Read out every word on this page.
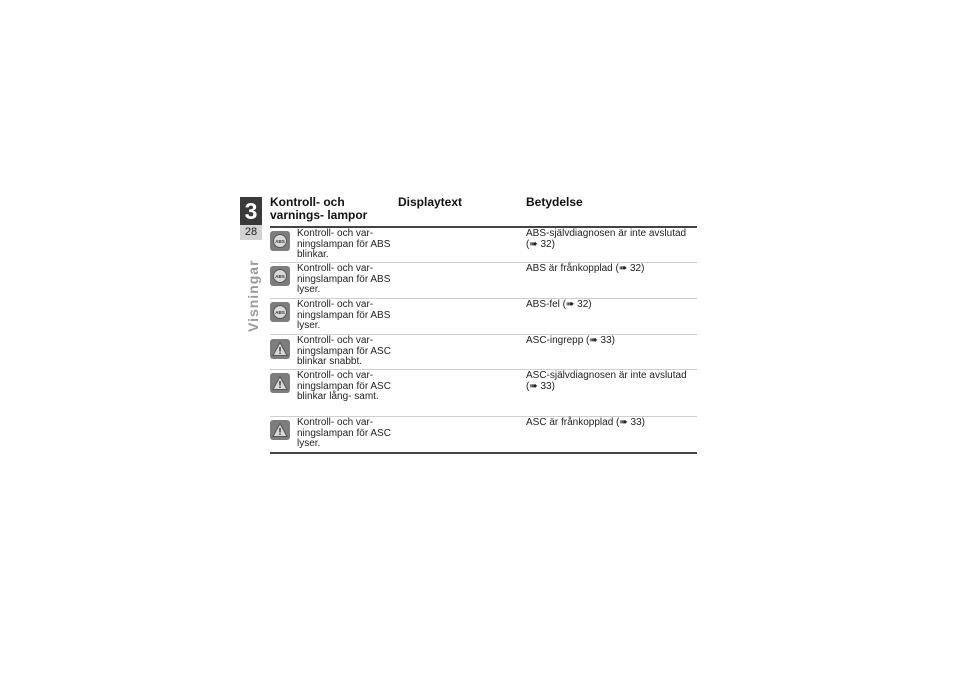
3
28
Visningar
Kontroll- och varnings- lampor
Displaytext	Betydelse
ABS
Kontroll- och var- ningslampan för ABS blinkar.
ABS-självdiagnosen är inte avslutad (➠ 32)
ABS
Kontroll- och var- ningslampan för ABS lyser.
ABS är frånkopplad (➠ 32)
ABS
Kontroll- och var- ningslampan för ABS lyser.
ABS-fel (➠ 32)
Kontroll- och var- ningslampan för ASC blinkar snabbt.
ASC-ingrepp (➠ 33)
Kontroll- och var- ningslampan för ASC blinkar lång- samt.
ASC-självdiagnosen är inte avslutad (➠ 33)
Kontroll- och var- ningslampan för ASC lyser.
ASC är frånkopplad (➠ 33)
